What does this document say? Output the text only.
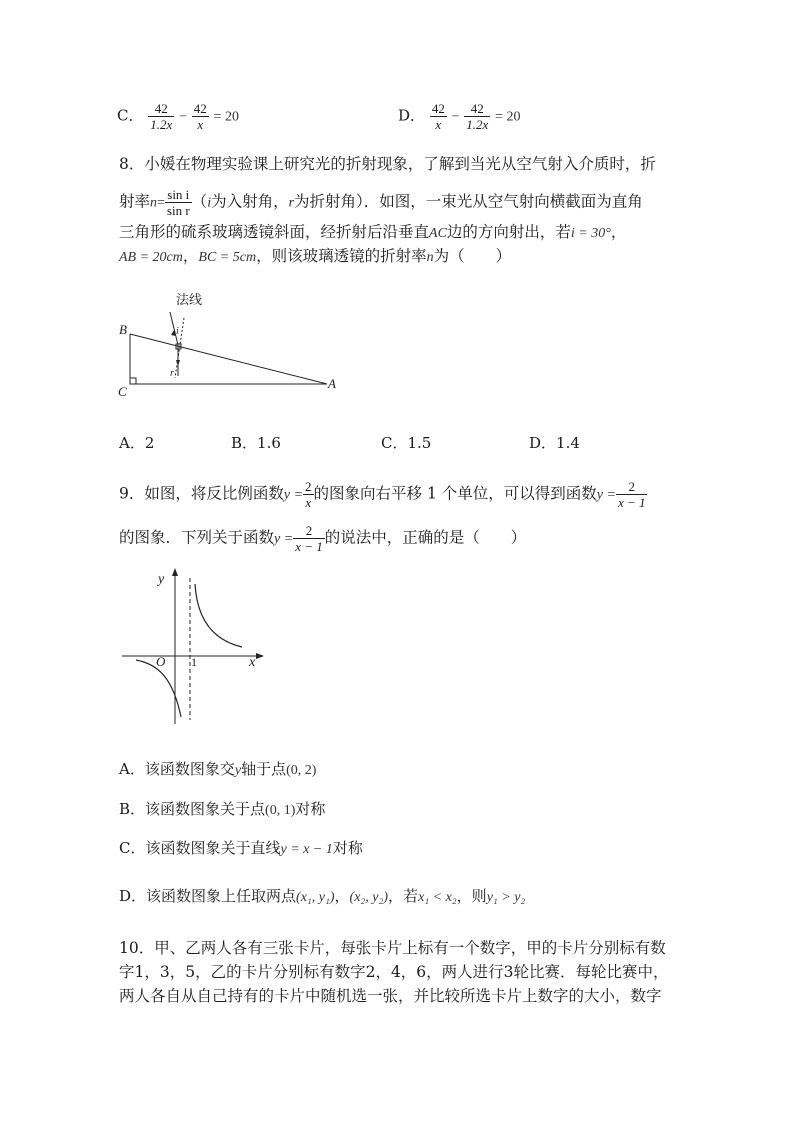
C． $\frac{42}{1.2x} - \frac{42}{x} = 20$	D． $\frac{42}{x} - \frac{42}{1.2x} = 20$
8．小媛在物理实验课上研究光的折射现象，了解到当光从空气射入介质时，折
射率$n= \frac{\text{sin i}}{\text{sin r}} (i$为入射角，r为折射角）．如图，一束光从空气射向横截面为直角
三角形的硫系玻璃透镜斜面，经折射后沿垂直AC边的方向射出，若i = 30°，
AB = 20cm，BC = 5cm，则该玻璃透镜的折射率n为（　　）
法线
B
C
A
i
r
A．2	B．1.6	C．1.5	D．1.4
9．如图，将反比例函数$y = \frac{2}{x}$ 的图象向右平移 1 个单位，可以得到函数$y = \frac{2}{x - 1}$
的图象．下列关于函数$y = \frac{2}{x - 1}$ 的说法中，正确的是（　　）
y
x
O 1
A．该函数图象交y轴于点(0, 2)
B．该函数图象关于点(0, 1)对称
C．该函数图象关于直线y = x − 1对称
D．该函数图象上任取两点(x₁, y₁)，(x₂, y₂)，若x₁ < x₂，则y₁ > y₂
10．甲、乙两人各有三张卡片，每张卡片上标有一个数字，甲的卡片分别标有数
字1，3，5，乙的卡片分别标有数字2，4，6，两人进行3轮比赛．每轮比赛中，
两人各自从自己持有的卡片中随机选一张，并比较所选卡片上数字的大小，数字
